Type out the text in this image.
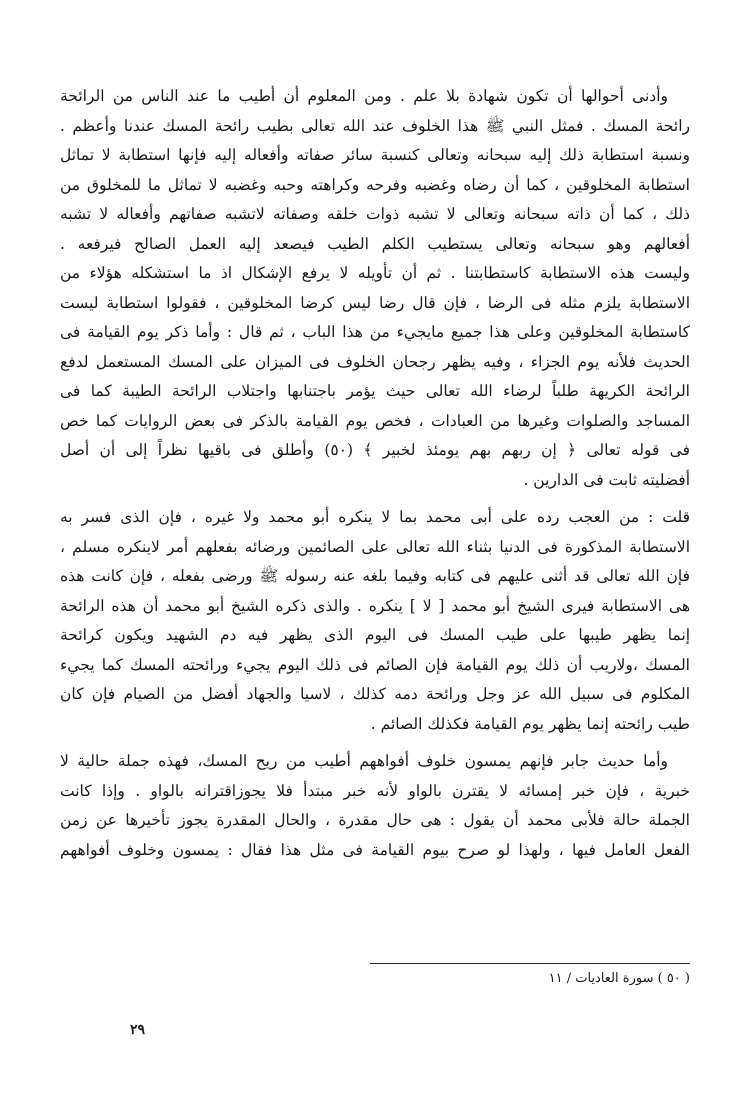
وأدنى أحوالها أن تكون شهادة بلا علم . ومن المعلوم أن أطيب ما عند الناس من الرائحة
رائحة المسك . فمثل النبي ﷺ هذا الخلوف عند الله تعالى بطيب رائحة المسك عندنا وأعظم .
ونسبة استطابة ذلك إليه سبحانه وتعالى كنسبة سائر صفاته وأفعاله إليه فإنها استطابة لا تماثل
استطابة المخلوقين ، كما أن رضاه وغضبه وفرحه وكراهته وحبه وغضبه لا تماثل ما للمخلوق من
ذلك ، كما أن ذاته سبحانه وتعالى لا تشبه ذوات خلقه وصفاته لاتشبه صفاتهم وأفعاله لا تشبه
أفعالهم وهو سبحانه وتعالى يستطيب الكلم الطيب فيصعد إليه العمل الصالح فيرفعه .
وليست هذه الاستطابة كاستطابتنا . ثم أن تأويله لا يرفع الإشكال اذ ما استشكله هؤلاء من
الاستطابة يلزم مثله فى الرضا ، فإن قال رضا ليس كرضا المخلوقين ، فقولوا استطابة ليست
كاستطابة المخلوقين وعلى هذا جميع مايجيء من هذا الباب ، ثم قال : وأما ذكر يوم القيامة فى
الحديث فلأنه يوم الجزاء ، وفيه يظهر رجحان الخلوف فى الميزان على المسك المستعمل لدفع
الرائحة الكريهة طلباً لرضاء الله تعالى حيث يؤمر باجتنابها واجتلاب الرائحة الطيبة كما فى
المساجد والصلوات وغيرها من العبادات ، فخص يوم القيامة بالذكر فى بعض الروايات كما خص
فى قوله تعالى ﴿ إن ربهم بهم يومئذ لخبير ﴾ (٥٠) وأطلق فى باقيها نظراً إلى أن أصل
أفضليته ثابت فى الدارين .
قلت : من العجب رده على أبى محمد بما لا ينكره أبو محمد ولا غيره ، فإن الذى فسر به
الاستطابة المذكورة فى الدنيا بثناء الله تعالى على الصائمين ورضائه بفعلهم أمر لاينكره مسلم ،
فإن الله تعالى قد أثنى عليهم فى كتابه وفيما بلغه عنه رسوله ﷺ ورضى بفعله ، فإن كانت هذه
هى الاستطابة فيرى الشيخ أبو محمد [ لا ] ينكره . والذى ذكره الشيخ أبو محمد أن هذه الرائحة
إنما يظهر طيبها على طيب المسك فى اليوم الذى يظهر فيه دم الشهيد ويكون كرائحة
المسك ،ولاريب أن ذلك يوم القيامة فإن الصائم فى ذلك اليوم يجيء ورائحته المسك كما يجيء
المكلوم فى سبيل الله عز وجل ورائحة دمه كذلك ، لاسيا والجهاد أفضل من الصيام فإن كان
طيب رائحته إنما يظهر يوم القيامة فكذلك الصائم .
وأما حديث جابر فإنهم يمسون خلوف أفواههم أطيب من ريح المسك، فهذه جملة حالية لا
خبرية ، فإن خبر إمسائه لا يقترن بالواو لأنه خبر مبتدأ فلا يجوزاقترانه بالواو . وإذا كانت
الجملة حالة فلأبى محمد أن يقول : هى حال مقدرة ، والحال المقدرة يجوز تأخيرها عن زمن
الفعل العامل فيها ، ولهذا لو صرح بيوم القيامة فى مثل هذا فقال : يمسون وخلوف أفواههم
( ٥٠ ) سورة العاديات / ١١
٢٩
